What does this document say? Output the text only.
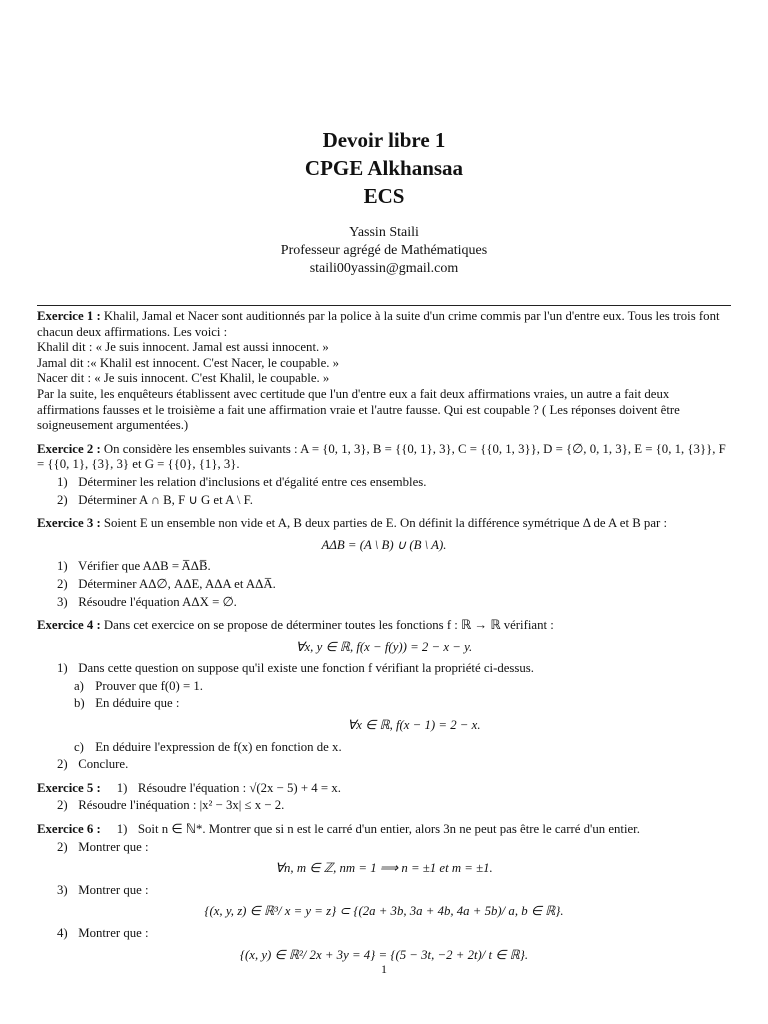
Devoir libre 1

CPGE Alkhansaa

ECS

Yassin Staili
Professeur agrégé de Mathématiques
staili00yassin@gmail.com

Exercice 1 : Khalil, Jamal et Nacer sont auditionnés par la police à la suite d'un crime commis par l'un d'entre eux. Tous les trois font chacun deux affirmations. Les voici :

Khalil dit : « Je suis innocent. Jamal est aussi innocent. »

Jamal dit :« Khalil est innocent. C'est Nacer, le coupable. »

Nacer dit : « Je suis innocent. C'est Khalil, le coupable. »

Par la suite, les enquêteurs établissent avec certitude que l'un d'entre eux a fait deux affirmations vraies, un autre a fait deux affirmations fausses et le troisième a fait une affirmation vraie et l'autre fausse. Qui est coupable ? ( Les réponses doivent être soigneusement argumentées.)

Exercice 2 : On considère les ensembles suivants : A = {0, 1, 3}, B = {{0, 1}, 3}, C = {{0, 1, 3}}, D = {∅, 0, 1, 3}, E = {0, 1, {3}}, F = {{0, 1}, {3}, 3} et G = {{0}, {1}, 3}.

1) Déterminer les relation d'inclusions et d'égalité entre ces ensembles.
2) Déterminer A ∩ B, F ∪ G et A \ F.

Exercice 3 : Soient E un ensemble non vide et A, B deux parties de E. On définit la différence symétrique Δ de A et B par :

AΔB = (A \ B) ∪ (B \ A).
1) Vérifier que AΔB = A̅ΔB̅.
2) Déterminer AΔ∅, AΔE, AΔA et AΔA̅.
3) Résoudre l'équation AΔX = ∅.

Exercice 4 : Dans cet exercice on se propose de déterminer toutes les fonctions f : ℝ → ℝ vérifiant :

∀x, y ∈ ℝ, f(x − f(y)) = 2 − x − y.
1) Dans cette question on suppose qu'il existe une fonction f vérifiant la propriété ci-dessus.
a) Prouver que f(0) = 1.
b) En déduire que :
∀x ∈ ℝ, f(x − 1) = 2 − x.
c) En déduire l'expression de f(x) en fonction de x.
2) Conclure.

Exercice 5 : 1) Résoudre l'équation : √(2x − 5) + 4 = x.

2) Résoudre l'inéquation : |x² − 3x| ≤ x − 2.

Exercice 6 : 1) Soit n ∈ ℕ*. Montrer que si n est le carré d'un entier, alors 3n ne peut pas être le carré d'un entier.

2) Montrer que :
∀n, m ∈ ℤ, nm = 1 ⟹ n = ±1 et m = ±1.
3) Montrer que :
{(x, y, z) ∈ ℝ³/ x = y = z} ⊂ {(2a + 3b, 3a + 4b, 4a + 5b)/ a, b ∈ ℝ}.
4) Montrer que :
{(x, y) ∈ ℝ²/ 2x + 3y = 4} = {(5 − 3t, −2 + 2t)/ t ∈ ℝ}.
1
